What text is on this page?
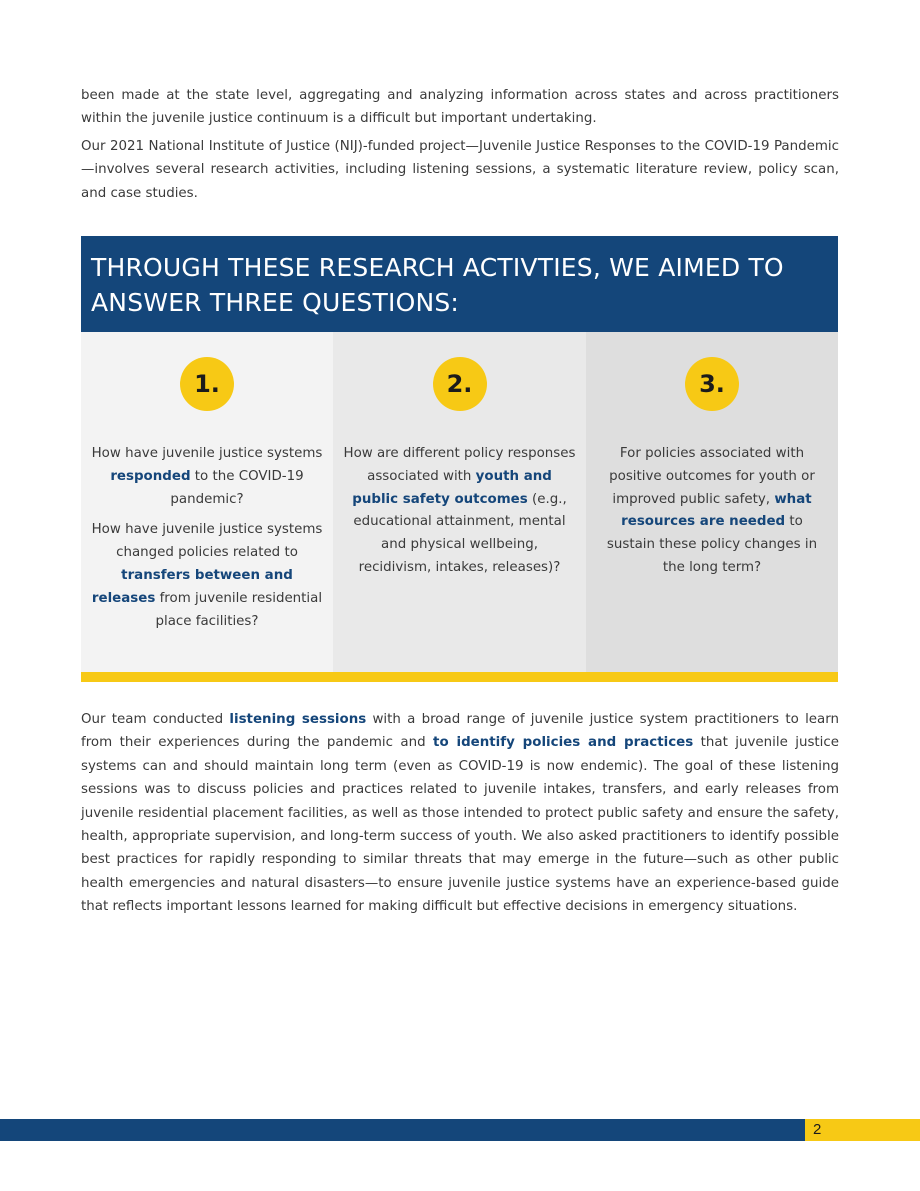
been made at the state level, aggregating and analyzing information across states and across practitioners within the juvenile justice continuum is a difficult but important undertaking.

Our 2021 National Institute of Justice (NIJ)-funded project—Juvenile Justice Responses to the COVID-19 Pandemic—involves several research activities, including listening sessions, a systematic literature review, policy scan, and case studies.

THROUGH THESE RESEARCH ACTIVTIES, WE AIMED TO
ANSWER THREE QUESTIONS:
1.

How have juvenile justice systems responded to the COVID-19 pandemic?

How have juvenile justice systems changed policies related to transfers between and releases from juvenile residential place facilities?

2.

How are different policy responses associated with youth and public safety outcomes (e.g., educational attainment, mental and physical wellbeing, recidivism, intakes, releases)?

3.

For policies associated with positive outcomes for youth or improved public safety, what resources are needed to sustain these policy changes in the long term?

Our team conducted listening sessions with a broad range of juvenile justice system practitioners to learn from their experiences during the pandemic and to identify policies and practices that juvenile justice systems can and should maintain long term (even as COVID-19 is now endemic). The goal of these listening sessions was to discuss policies and practices related to juvenile intakes, transfers, and early releases from juvenile residential placement facilities, as well as those intended to protect public safety and ensure the safety, health, appropriate supervision, and long-term success of youth. We also asked practitioners to identify possible best practices for rapidly responding to similar threats that may emerge in the future—such as other public health emergencies and natural disasters—to ensure juvenile justice systems have an experience-based guide that reflects important lessons learned for making difficult but effective decisions in emergency situations.

2
